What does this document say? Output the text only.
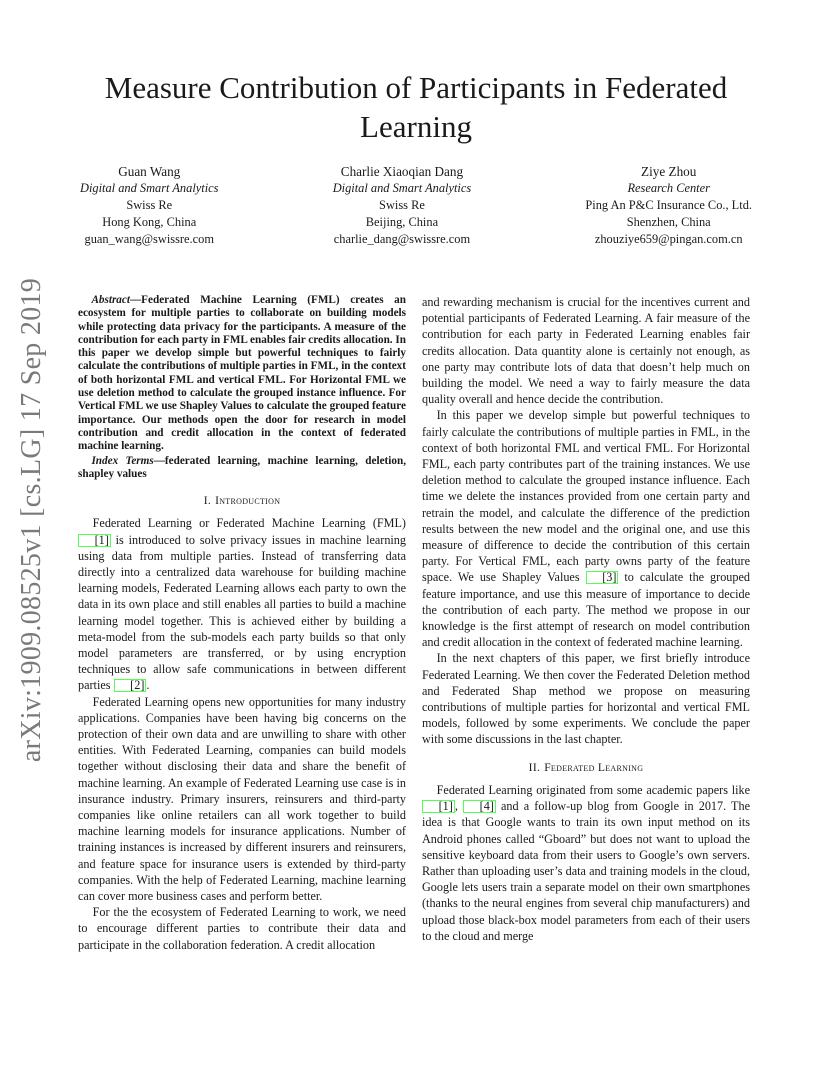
arXiv:1909.08525v1 [cs.LG] 17 Sep 2019
Measure Contribution of Participants in Federated Learning
Guan Wang
Digital and Smart Analytics
Swiss Re
Hong Kong, China
guan_wang@swissre.com
Charlie Xiaoqian Dang
Digital and Smart Analytics
Swiss Re
Beijing, China
charlie_dang@swissre.com
Ziye Zhou
Research Center
Ping An P&C Insurance Co., Ltd.
Shenzhen, China
zhouziye659@pingan.com.cn

Abstract—Federated Machine Learning (FML) creates an ecosystem for multiple parties to collaborate on building models while protecting data privacy for the participants. A measure of the contribution for each party in FML enables fair credits allocation. In this paper we develop simple but powerful techniques to fairly calculate the contributions of multiple parties in FML, in the context of both horizontal FML and vertical FML. For Horizontal FML we use deletion method to calculate the grouped instance influence. For Vertical FML we use Shapley Values to calculate the grouped feature importance. Our methods open the door for research in model contribution and credit allocation in the context of federated machine learning.

Index Terms—federated learning, machine learning, deletion, shapley values

I. Introduction

Federated Learning or Federated Machine Learning (FML) [1] is introduced to solve privacy issues in machine learning using data from multiple parties. Instead of transferring data directly into a centralized data warehouse for building machine learning models, Federated Learning allows each party to own the data in its own place and still enables all parties to build a machine learning model together. This is achieved either by building a meta-model from the sub-models each party builds so that only model parameters are transferred, or by using encryption techniques to allow safe communications in between different parties [2] .

Federated Learning opens new opportunities for many industry applications. Companies have been having big concerns on the protection of their own data and are unwilling to share with other entities. With Federated Learning, companies can build models together without disclosing their data and share the benefit of machine learning. An example of Federated Learning use case is in insurance industry. Primary insurers, reinsurers and third-party companies like online retailers can all work together to build machine learning models for insurance applications. Number of training instances is increased by different insurers and reinsurers, and feature space for insurance users is extended by third-party companies. With the help of Federated Learning, machine learning can cover more business cases and perform better.

For the the ecosystem of Federated Learning to work, we need to encourage different parties to contribute their data and participate in the collaboration federation. A credit allocation

and rewarding mechanism is crucial for the incentives current and potential participants of Federated Learning. A fair measure of the contribution for each party in Federated Learning enables fair credits allocation. Data quantity alone is certainly not enough, as one party may contribute lots of data that doesn’t help much on building the model. We need a way to fairly measure the data quality overall and hence decide the contribution.

In this paper we develop simple but powerful techniques to fairly calculate the contributions of multiple parties in FML, in the context of both horizontal FML and vertical FML. For Horizontal FML, each party contributes part of the training instances. We use deletion method to calculate the grouped instance influence. Each time we delete the instances provided from one certain party and retrain the model, and calculate the difference of the prediction results between the new model and the original one, and use this measure of difference to decide the contribution of this certain party. For Vertical FML, each party owns party of the feature space. We use Shapley Values [3] to calculate the grouped feature importance, and use this measure of importance to decide the contribution of each party. The method we propose in our knowledge is the first attempt of research on model contribution and credit allocation in the context of federated machine learning.

In the next chapters of this paper, we first briefly introduce Federated Learning. We then cover the Federated Deletion method and Federated Shap method we propose on measuring contributions of multiple parties for horizontal and vertical FML models, followed by some experiments. We conclude the paper with some discussions in the last chapter.

II. Federated Learning

Federated Learning originated from some academic papers like [1] , [4] and a follow-up blog from Google in 2017. The idea is that Google wants to train its own input method on its Android phones called “Gboard” but does not want to upload the sensitive keyboard data from their users to Google’s own servers. Rather than uploading user’s data and training models in the cloud, Google lets users train a separate model on their own smartphones (thanks to the neural engines from several chip manufacturers) and upload those black-box model parameters from each of their users to the cloud and merge
